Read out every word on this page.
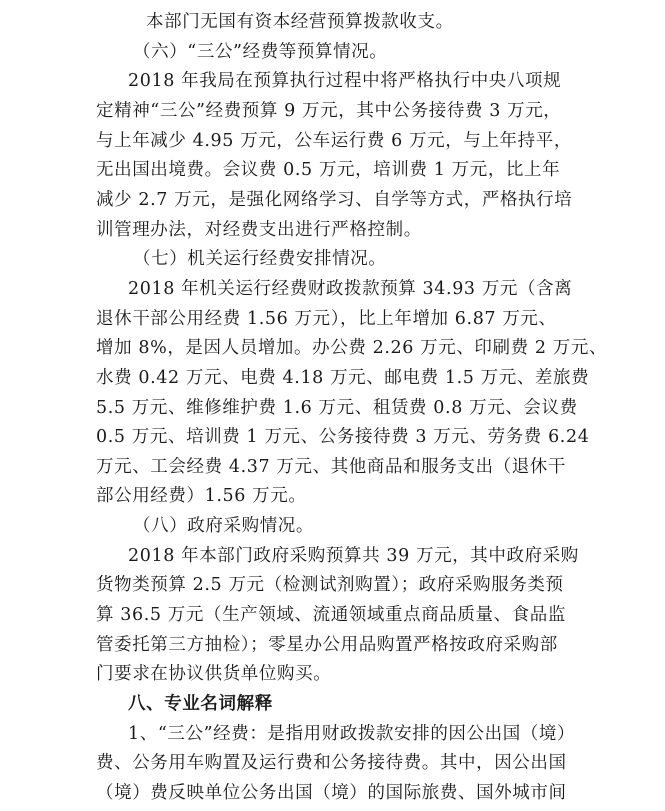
本部门无国有资本经营预算拨款收支。
（六）“三公”经费等预算情况。
2018 年我局在预算执行过程中将严格执行中央八项规
定精神“三公”经费预算 9 万元，其中公务接待费 3 万元，
与上年减少 4.95 万元，公车运行费 6 万元，与上年持平，
无出国出境费。会议费 0.5 万元，培训费 1 万元，比上年
减少 2.7 万元，是强化网络学习、自学等方式，严格执行培
训管理办法，对经费支出进行严格控制。
（七）机关运行经费安排情况。
2018 年机关运行经费财政拨款预算 34.93 万元（含离
退休干部公用经费 1.56 万元），比上年增加 6.87 万元、
增加 8%，是因人员增加。办公费 2.26 万元、印刷费 2 万元、
水费 0.42 万元、电费 4.18 万元、邮电费 1.5 万元、差旅费
5.5 万元、维修维护费 1.6 万元、租赁费 0.8 万元、会议费
0.5 万元、培训费 1 万元、公务接待费 3 万元、劳务费 6.24
万元、工会经费 4.37 万元、其他商品和服务支出（退休干
部公用经费）1.56 万元。
（八）政府采购情况。
2018 年本部门政府采购预算共 39 万元，其中政府采购
货物类预算 2.5 万元（检测试剂购置）；政府采购服务类预
算 36.5 万元（生产领域、流通领域重点商品质量、食品监
管委托第三方抽检）；零星办公用品购置严格按政府采购部
门要求在协议供货单位购买。
八、专业名词解释
1、“三公”经费：是指用财政拨款安排的因公出国（境）
费、公务用车购置及运行费和公务接待费。其中，因公出国
（境）费反映单位公务出国（境）的国际旅费、国外城市间
